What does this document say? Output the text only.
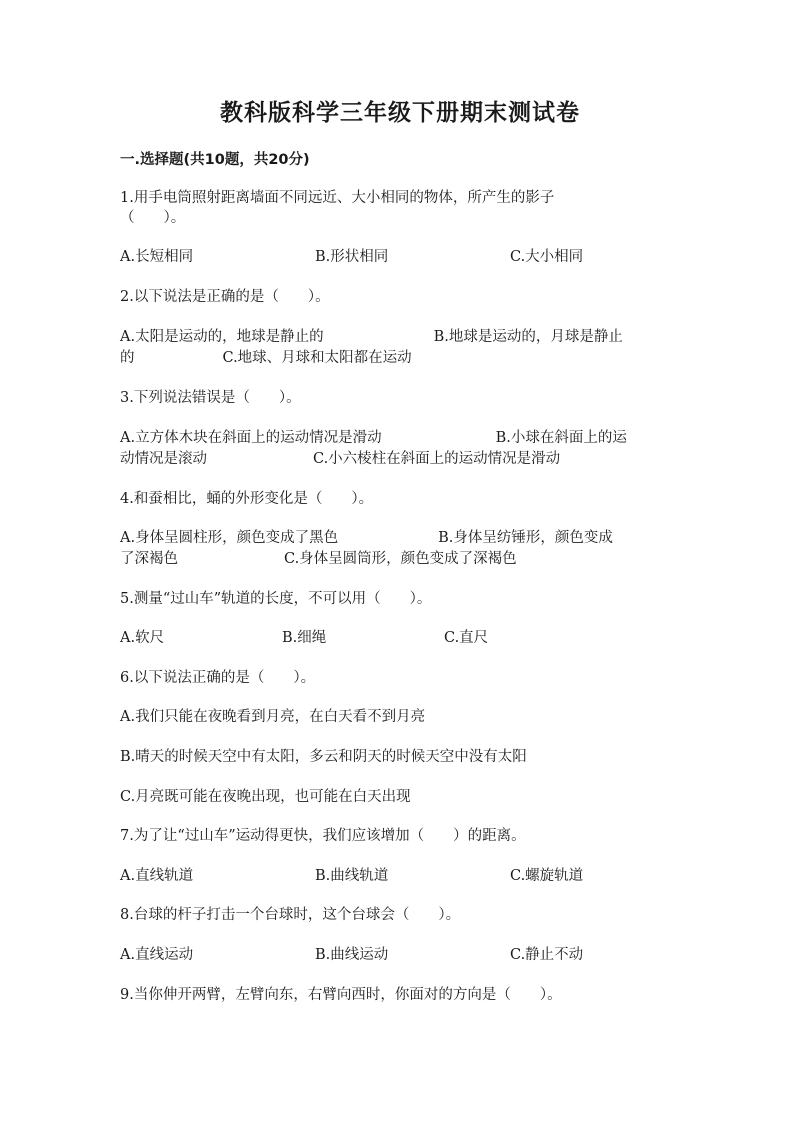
教科版科学三年级下册期末测试卷
一.选择题(共10题，共20分)

1.用手电筒照射距离墙面不同远近、大小相同的物体，所产生的影子
（　　）。

A.长短相同	B.形状相同	C.大小相同

2.以下说法是正确的是（　　）。

A.太阳是运动的，地球是静止的	B.地球是运动的，月球是静止
的	C.地球、月球和太阳都在运动

3.下列说法错误是（　　）。

A.立方体木块在斜面上的运动情况是滑动	B.小球在斜面上的运
动情况是滚动	C.小六棱柱在斜面上的运动情况是滑动

4.和蚕相比，蛹的外形变化是（　　）。

A.身体呈圆柱形，颜色变成了黑色	B.身体呈纺锤形，颜色变成
了深褐色	C.身体呈圆筒形，颜色变成了深褐色

5.测量“过山车”轨道的长度，不可以用（　　）。

A.软尺	B.细绳	C.直尺

6.以下说法正确的是（　　）。

A.我们只能在夜晚看到月亮，在白天看不到月亮

B.晴天的时候天空中有太阳，多云和阴天的时候天空中没有太阳

C.月亮既可能在夜晚出现，也可能在白天出现

7.为了让“过山车”运动得更快，我们应该增加（　　）的距离。

A.直线轨道	B.曲线轨道	C.螺旋轨道

8.台球的杆子打击一个台球时，这个台球会（　　）。

A.直线运动	B.曲线运动	C.静止不动

9.当你伸开两臂，左臂向东，右臂向西时，你面对的方向是（　　）。
